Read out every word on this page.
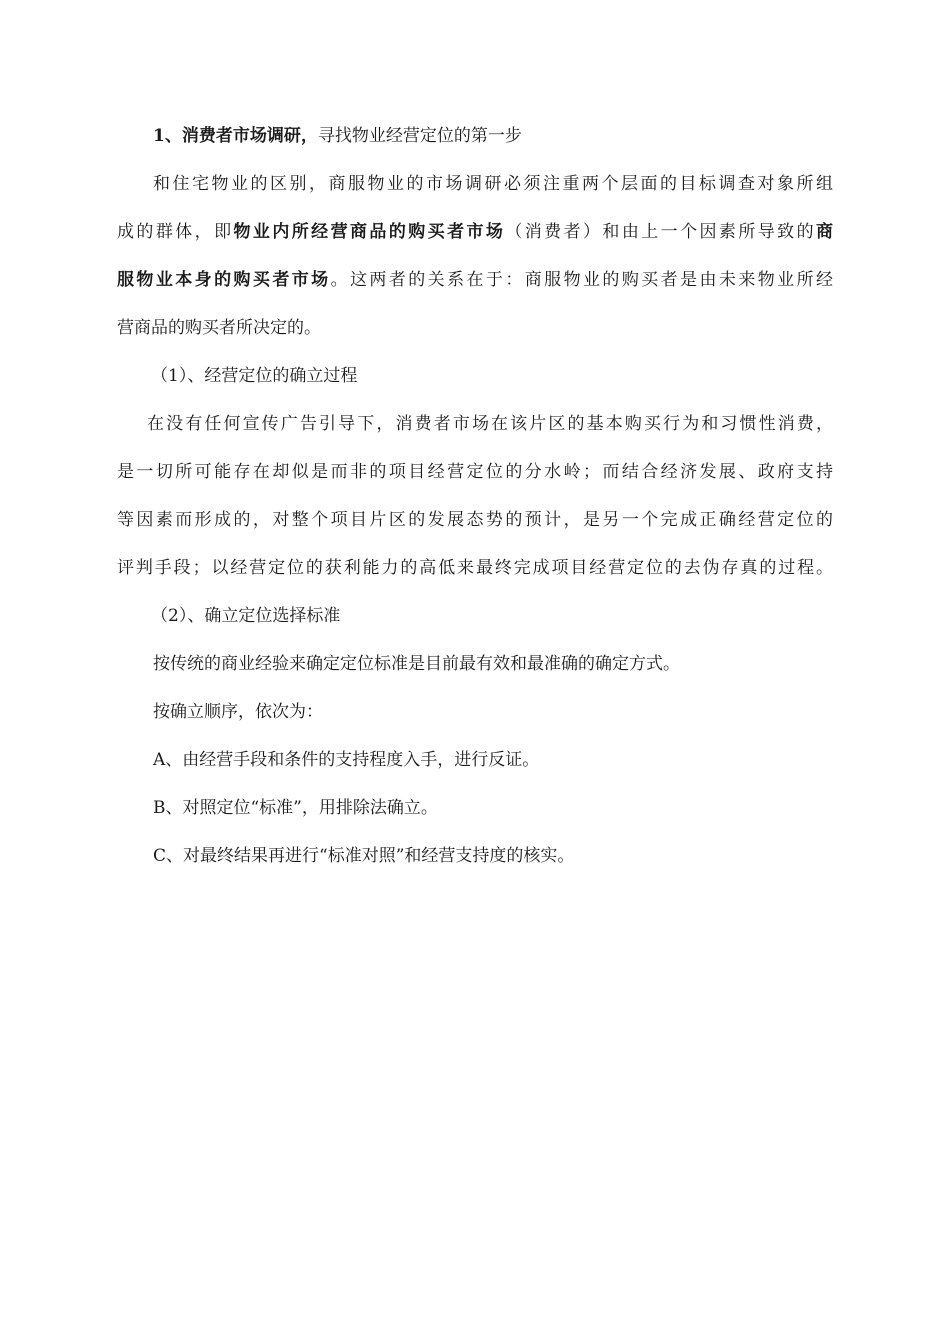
1、消费者市场调研，寻找物业经营定位的第一步
和住宅物业的区别，商服物业的市场调研必须注重两个层面的目标调查对象所组
成的群体，即物业内所经营商品的购买者市场（消费者）和由上一个因素所导致的商
服物业本身的购买者市场。这两者的关系在于：商服物业的购买者是由未来物业所经
营商品的购买者所决定的。
（1）、经营定位的确立过程
在没有任何宣传广告引导下，消费者市场在该片区的基本购买行为和习惯性消费，
是一切所可能存在却似是而非的项目经营定位的分水岭；而结合经济发展、政府支持
等因素而形成的，对整个项目片区的发展态势的预计，是另一个完成正确经营定位的
评判手段；以经营定位的获利能力的高低来最终完成项目经营定位的去伪存真的过程。
（2）、确立定位选择标准
按传统的商业经验来确定定位标准是目前最有效和最准确的确定方式。
按确立顺序，依次为：
A、由经营手段和条件的支持程度入手，进行反证。
B、对照定位“标准”，用排除法确立。
C、对最终结果再进行“标准对照”和经营支持度的核实。
